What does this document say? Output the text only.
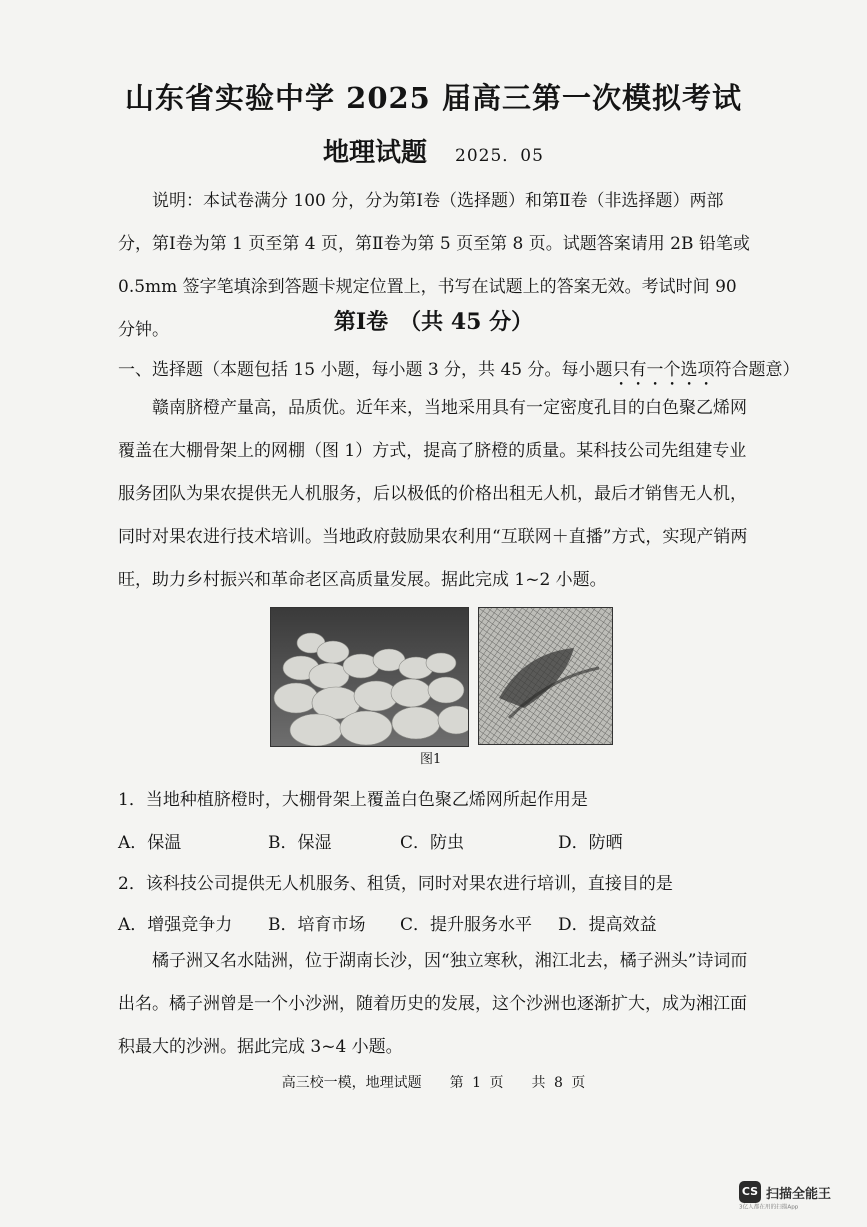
山东省实验中学 2025 届高三第一次模拟考试
地理试题 2025．05
说明：本试卷满分 100 分，分为第Ⅰ卷（选择题）和第Ⅱ卷（非选择题）两部分，第Ⅰ卷为第 1 页至第 4 页，第Ⅱ卷为第 5 页至第 8 页。试题答案请用 2B 铅笔或 0.5mm 签字笔填涂到答题卡规定位置上，书写在试题上的答案无效。考试时间 90 分钟。	第Ⅰ卷　（共 45 分）
一、选择题（本题包括 15 小题，每小题 3 分，共 45 分。每小题只有一个选项符合题意）
赣南脐橙产量高，品质优。近年来，当地采用具有一定密度孔目的白色聚乙烯网覆盖在大棚骨架上的网棚（图 1）方式，提高了脐橙的质量。某科技公司先组建专业服务团队为果农提供无人机服务，后以极低的价格出租无人机，最后才销售无人机，同时对果农进行技术培训。当地政府鼓励果农利用“互联网＋直播”方式，实现产销两旺，助力乡村振兴和革命老区高质量发展。据此完成 1~2 小题。
图1
1．当地种植脐橙时，大棚骨架上覆盖白色聚乙烯网所起作用是
A．保温	B．保湿	C．防虫	D．防晒
2．该科技公司提供无人机服务、租赁，同时对果农进行培训，直接目的是
A．增强竞争力 B．培育市场 C．提升服务水平 D．提高效益
橘子洲又名水陆洲，位于湖南长沙，因“独立寒秋，湘江北去，橘子洲头”诗词而出名。橘子洲曾是一个小沙洲，随着历史的发展，这个沙洲也逐渐扩大，成为湘江面积最大的沙洲。据此完成 3~4 小题。
高三校一模，地理试题　　第 1 页　　共 8 页
CS 扫描全能王
3亿人都在用的扫描App
